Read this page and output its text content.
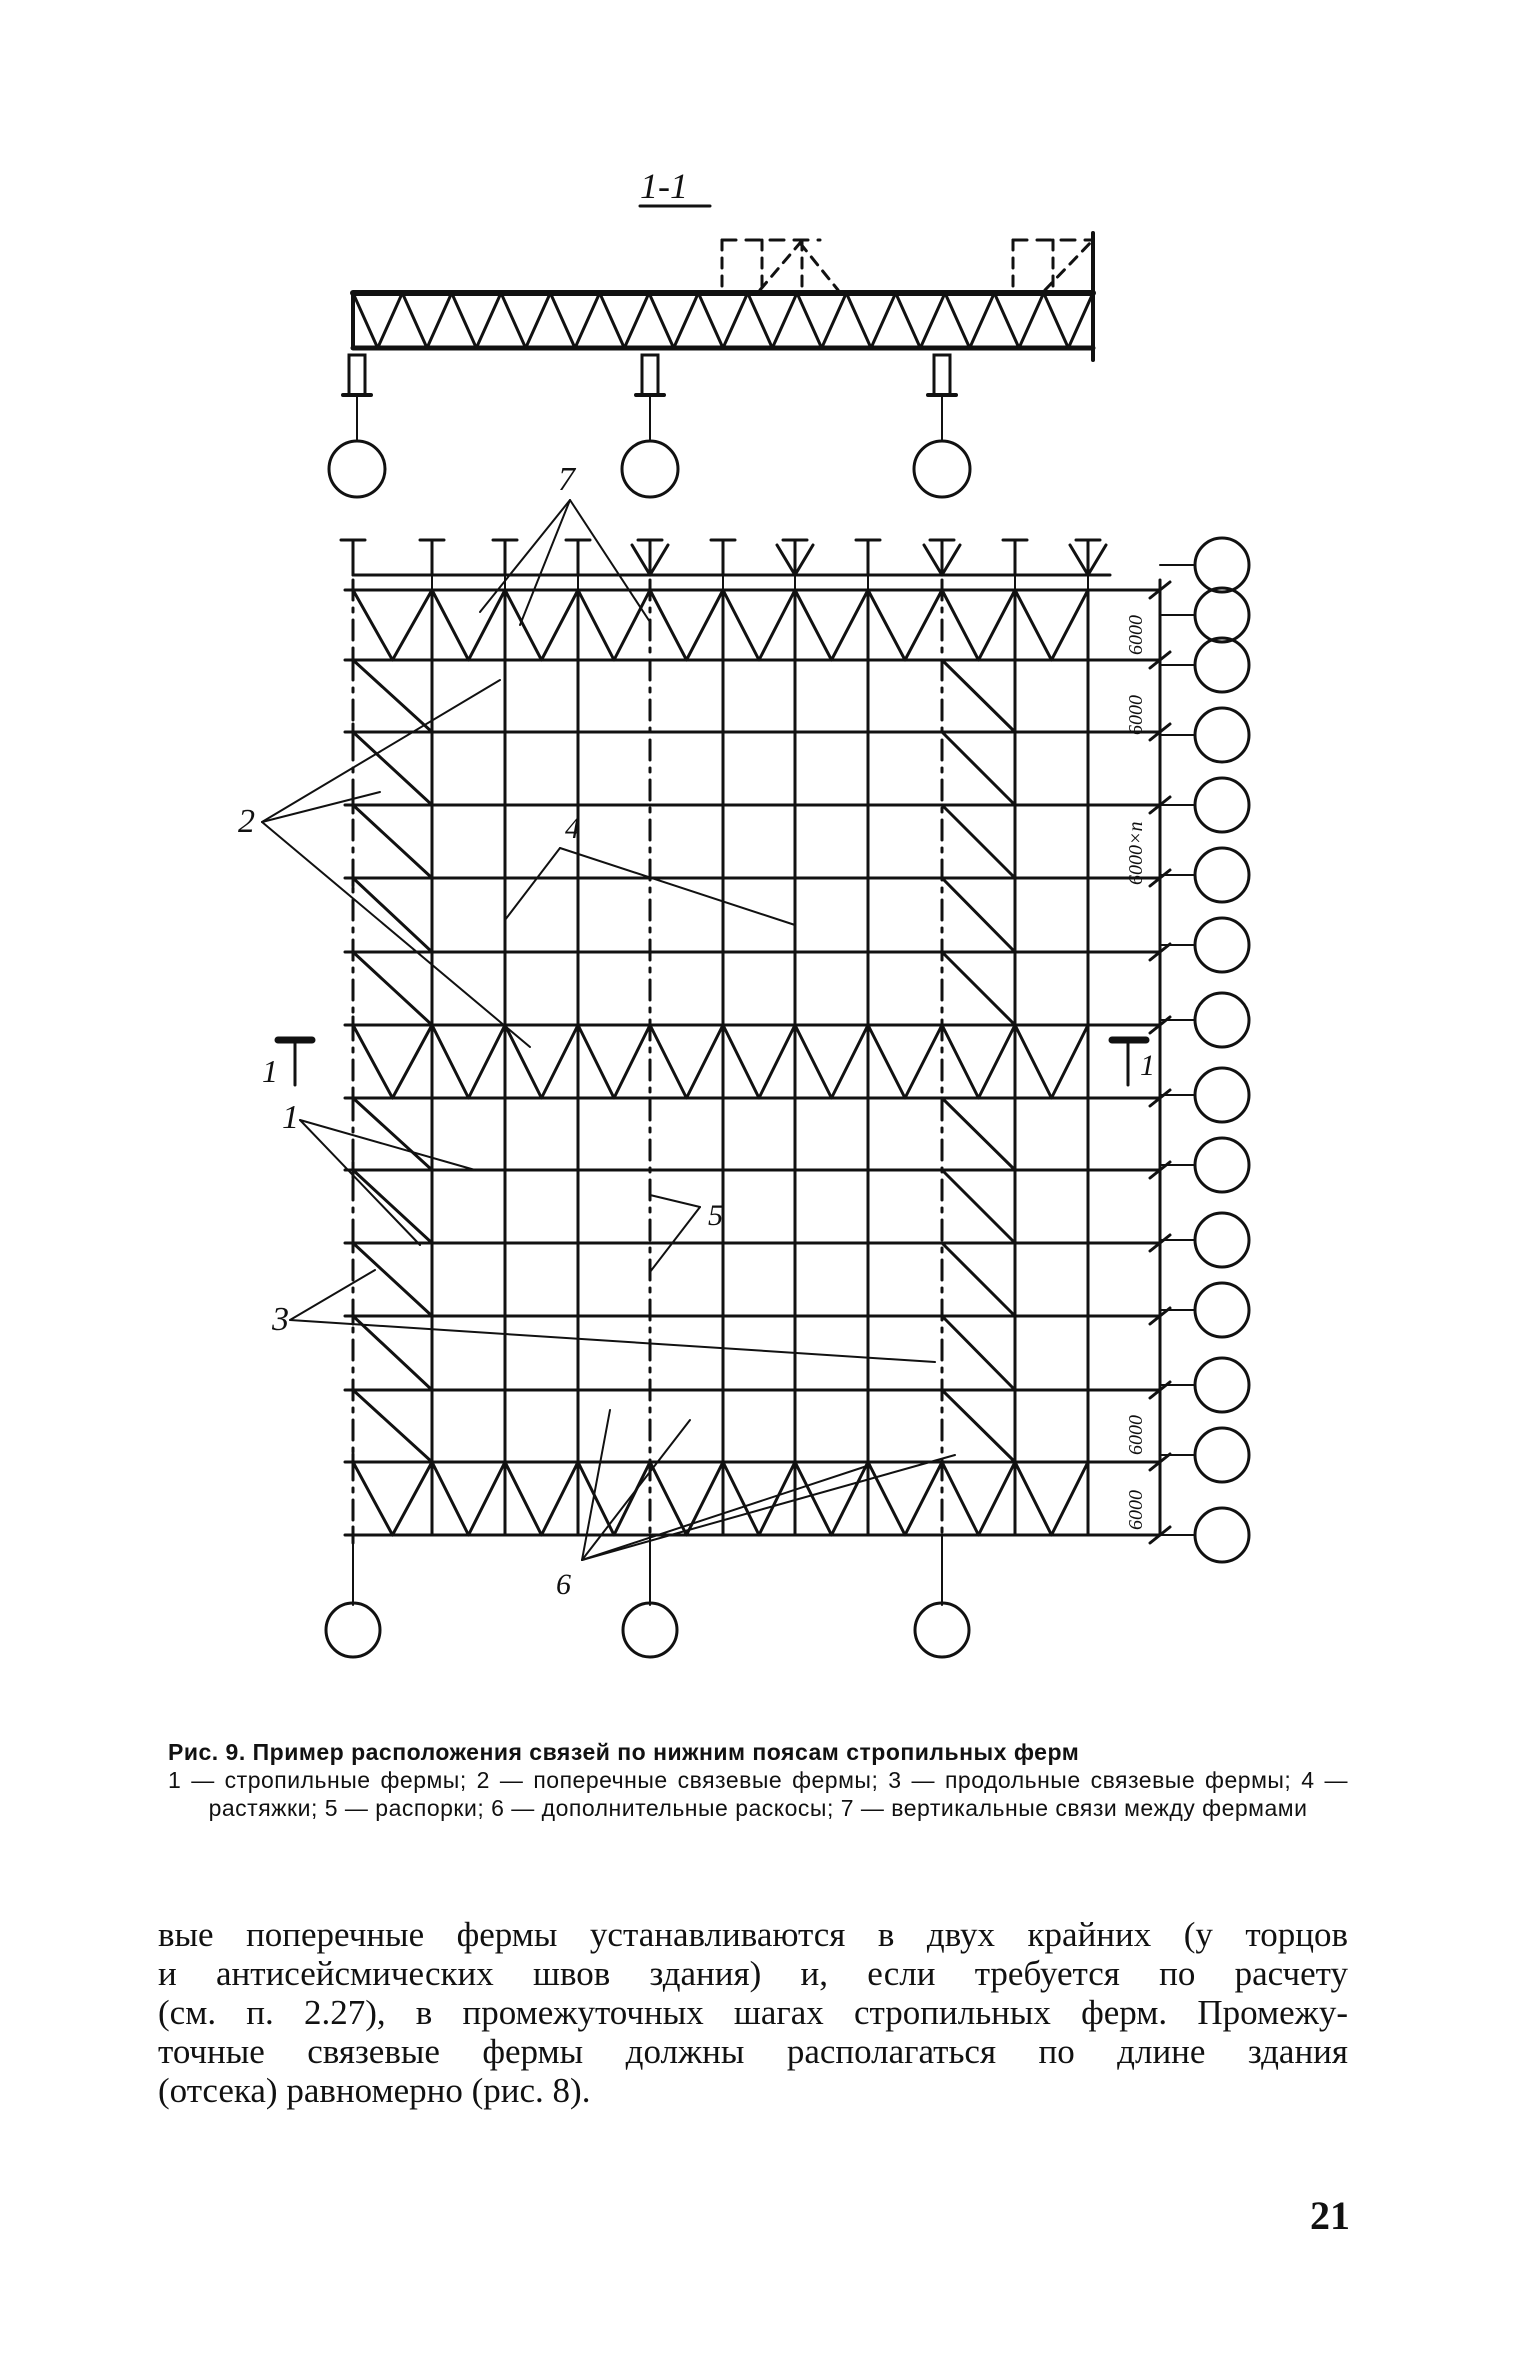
1-1
7
2	4
1
5
3
6
1	1
6000
6000
6000×n
6000
6000
Рис. 9. Пример расположения связей по нижним поясам стропильных ферм
1 — стропильные фермы; 2 — поперечные связевые фермы; 3 — продольные связевые фермы; 4 — растяжки; 5 — распорки; 6 — дополнительные раскосы; 7 — вертикальные связи между фермами
вые поперечные фермы устанавливаются в двух крайних (у торцов
и антисейсмических швов здания) и, если требуется по расчету
(см. п. 2.27), в промежуточных шагах стропильных ферм. Промежу-
точные связевые фермы должны располагаться по длине здания
(отсека) равномерно (рис. 8).
21
